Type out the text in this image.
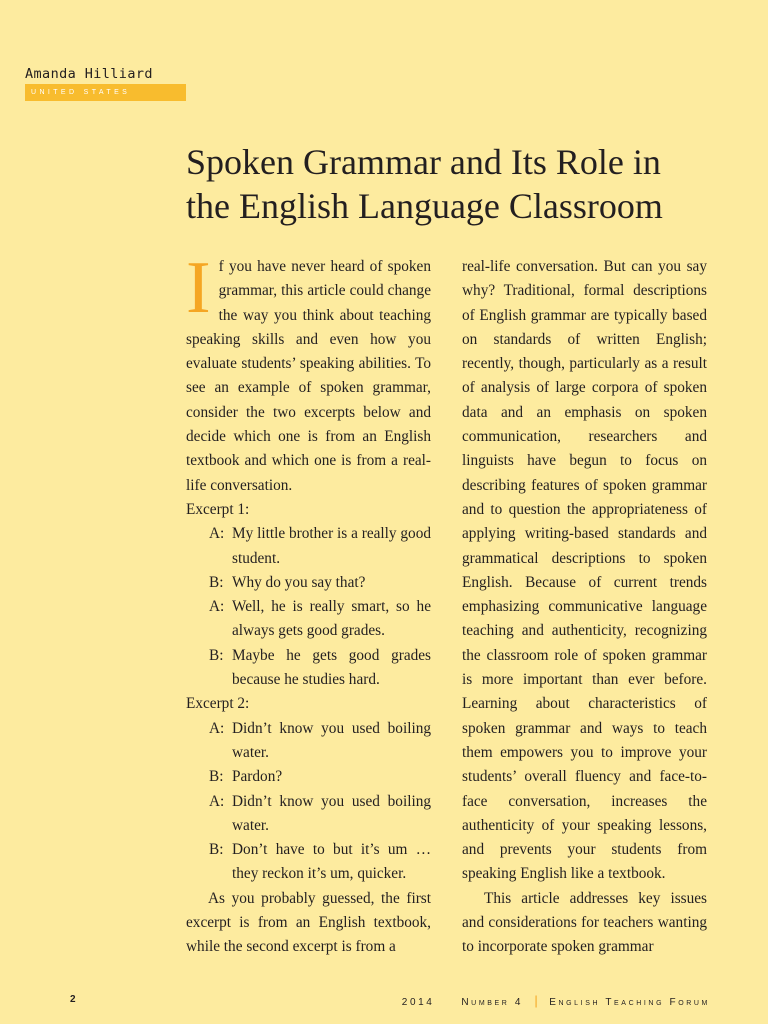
Amanda Hilliard
united states
Spoken Grammar and Its Role in
the English Language Classroom

If you have never heard of spoken grammar, this article could change the way you think about teaching speaking skills and even how you evaluate students’ speaking abilities. To see an example of spoken grammar, consider the two excerpts below and decide which one is from an English textbook and which one is from a real-life conversation.

Excerpt 1:

A: My little brother is a really good student.
B: Why do you say that?
A: Well, he is really smart, so he always gets good grades.
B: Maybe he gets good grades because he studies hard.

Excerpt 2:

A: Didn’t know you used boiling water.
B: Pardon?
A: Didn’t know you used boiling water.
B: Don’t have to but it’s um … they reckon it’s um, quicker.

As you probably guessed, the first excerpt is from an English textbook, while the second excerpt is from a

real-life conversation. But can you say why? Traditional, formal descriptions of English grammar are typically based on standards of written English; recently, though, particularly as a result of analysis of large corpora of spoken data and an emphasis on spoken communication, researchers and linguists have begun to focus on describing features of spoken grammar and to question the appropriateness of applying writing-based standards and grammatical descriptions to spoken English. Because of current trends emphasizing communicative language teaching and authenticity, recognizing the classroom role of spoken grammar is more important than ever before. Learning about characteristics of spoken grammar and ways to teach them empowers you to improve your students’ overall fluency and face-to-face conversation, increases the authenticity of your speaking lessons, and prevents your students from speaking English like a textbook.

This article addresses key issues and considerations for teachers wanting to incorporate spoken grammar

2	2014	Number 4 | English Teaching Forum
